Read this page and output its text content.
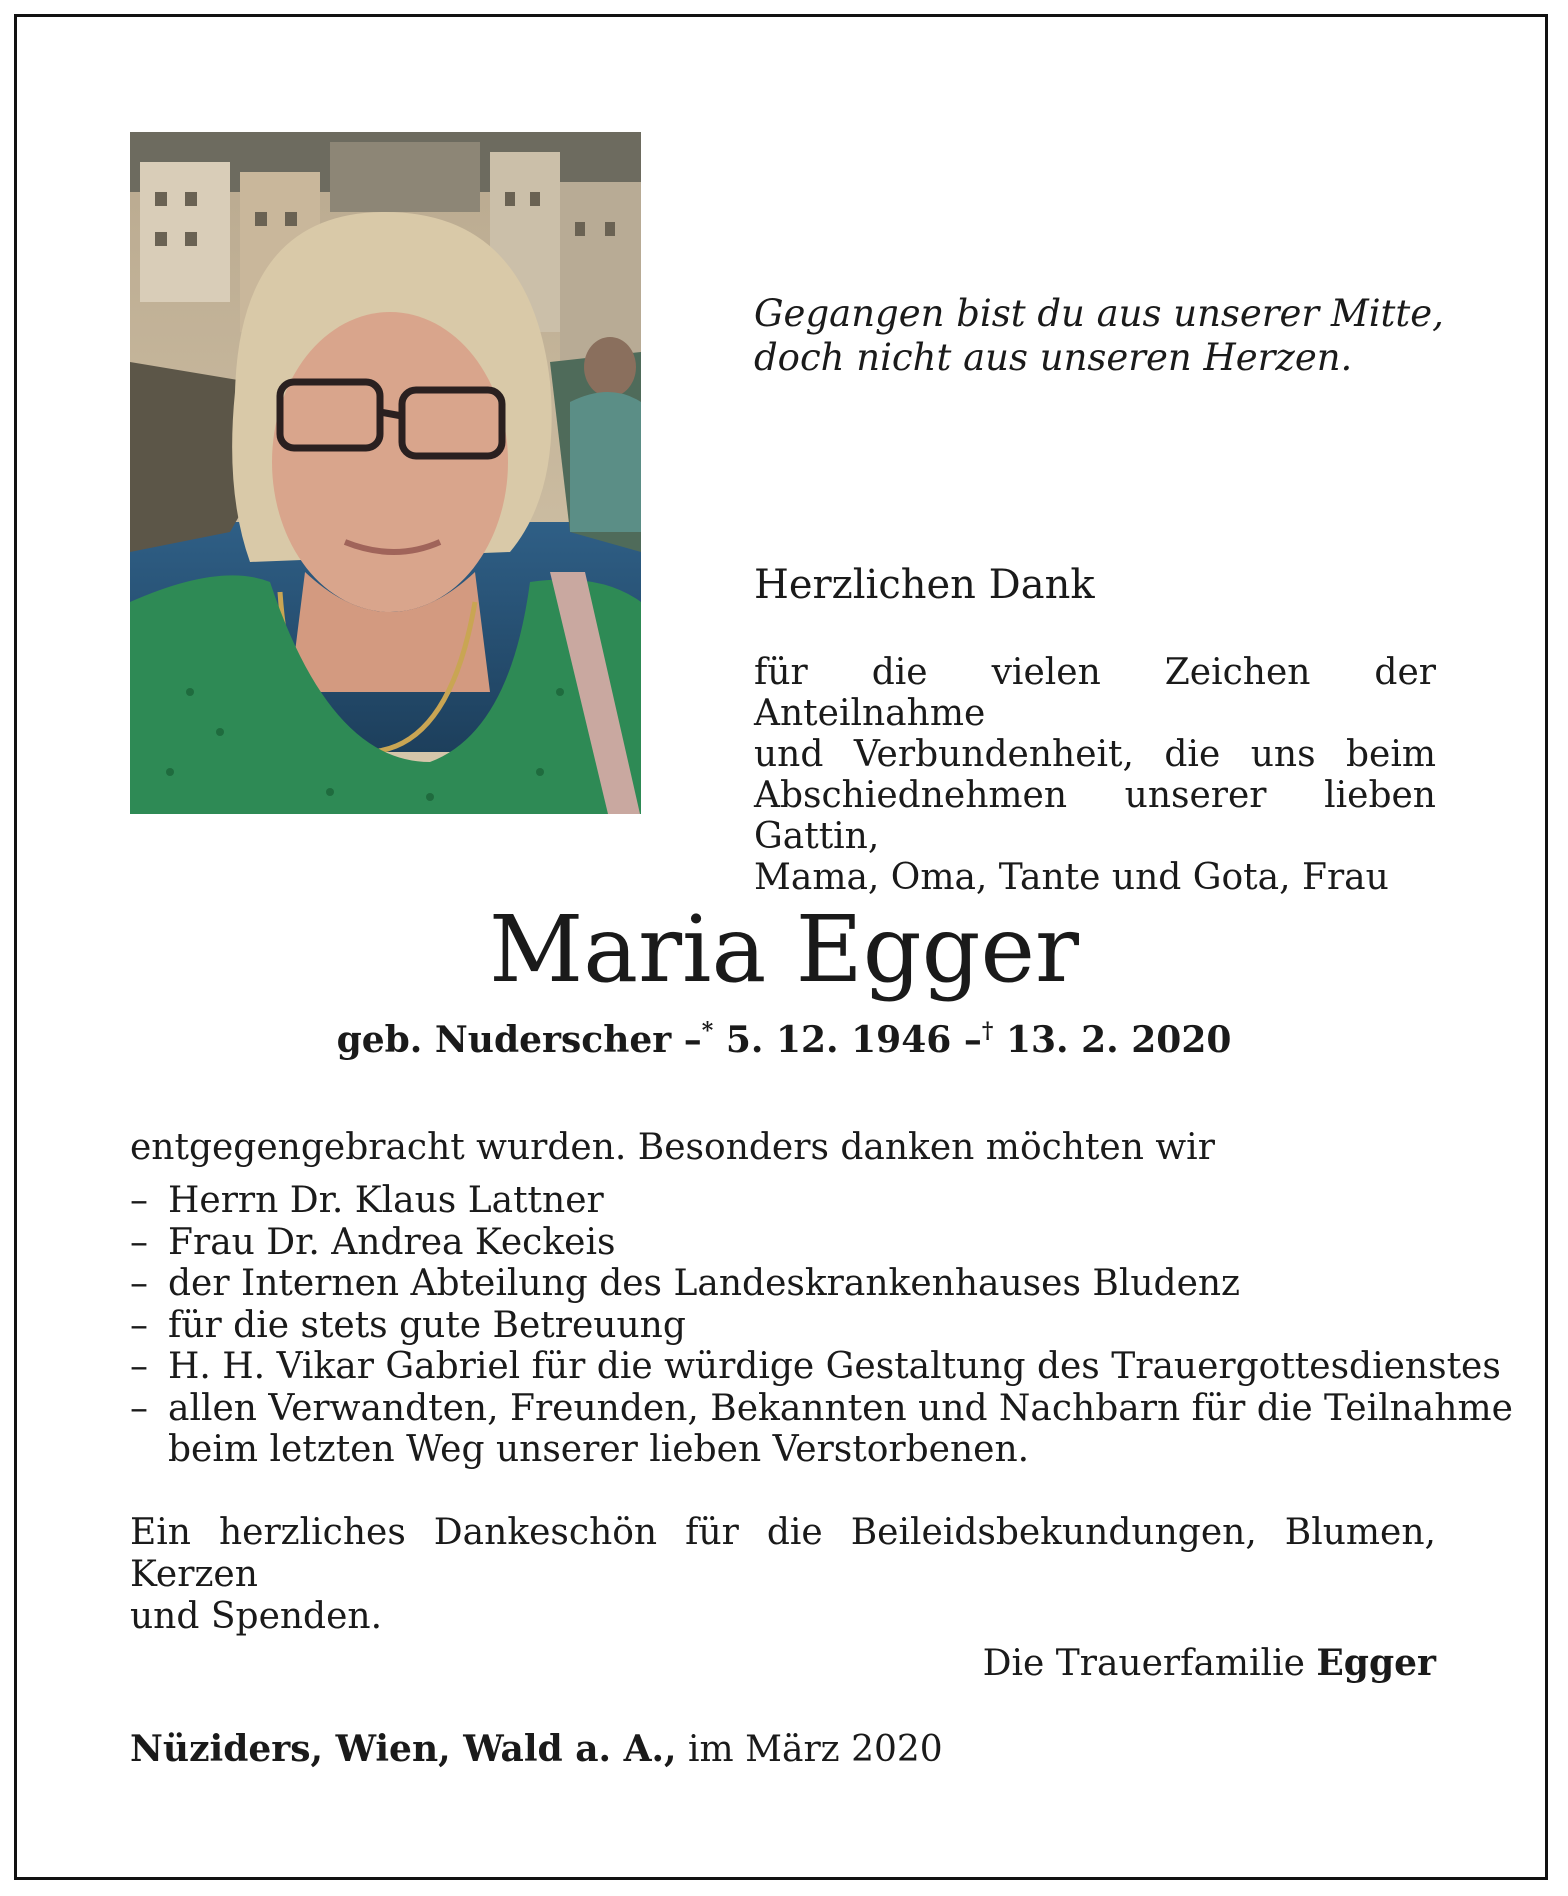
Gegangen bist du aus unserer Mitte,
doch nicht aus unseren Herzen.
Herzlichen Dank
für die vielen Zeichen der Anteilnahme
und Verbundenheit, die uns beim
Abschiednehmen unserer lieben Gattin,
Mama, Oma, Tante und Gota, Frau
Maria Egger
geb. Nuderscher –* 5. 12. 1946 –† 13. 2. 2020
entgegengebracht wurden. Besonders danken möchten wir
– Herrn Dr. Klaus Lattner
– Frau Dr. Andrea Keckeis
– der Internen Abteilung des Landeskrankenhauses Bludenz
– für die stets gute Betreuung
– H. H. Vikar Gabriel für die würdige Gestaltung des Trauergottesdienstes
– allen Verwandten, Freunden, Bekannten und Nachbarn für die Teilnahme
beim letzten Weg unserer lieben Verstorbenen.
Ein herzliches Dankeschön für die Beileidsbekundungen, Blumen, Kerzen
und Spenden.
Die Trauerfamilie Egger
Nüziders, Wien, Wald a. A., im März 2020
